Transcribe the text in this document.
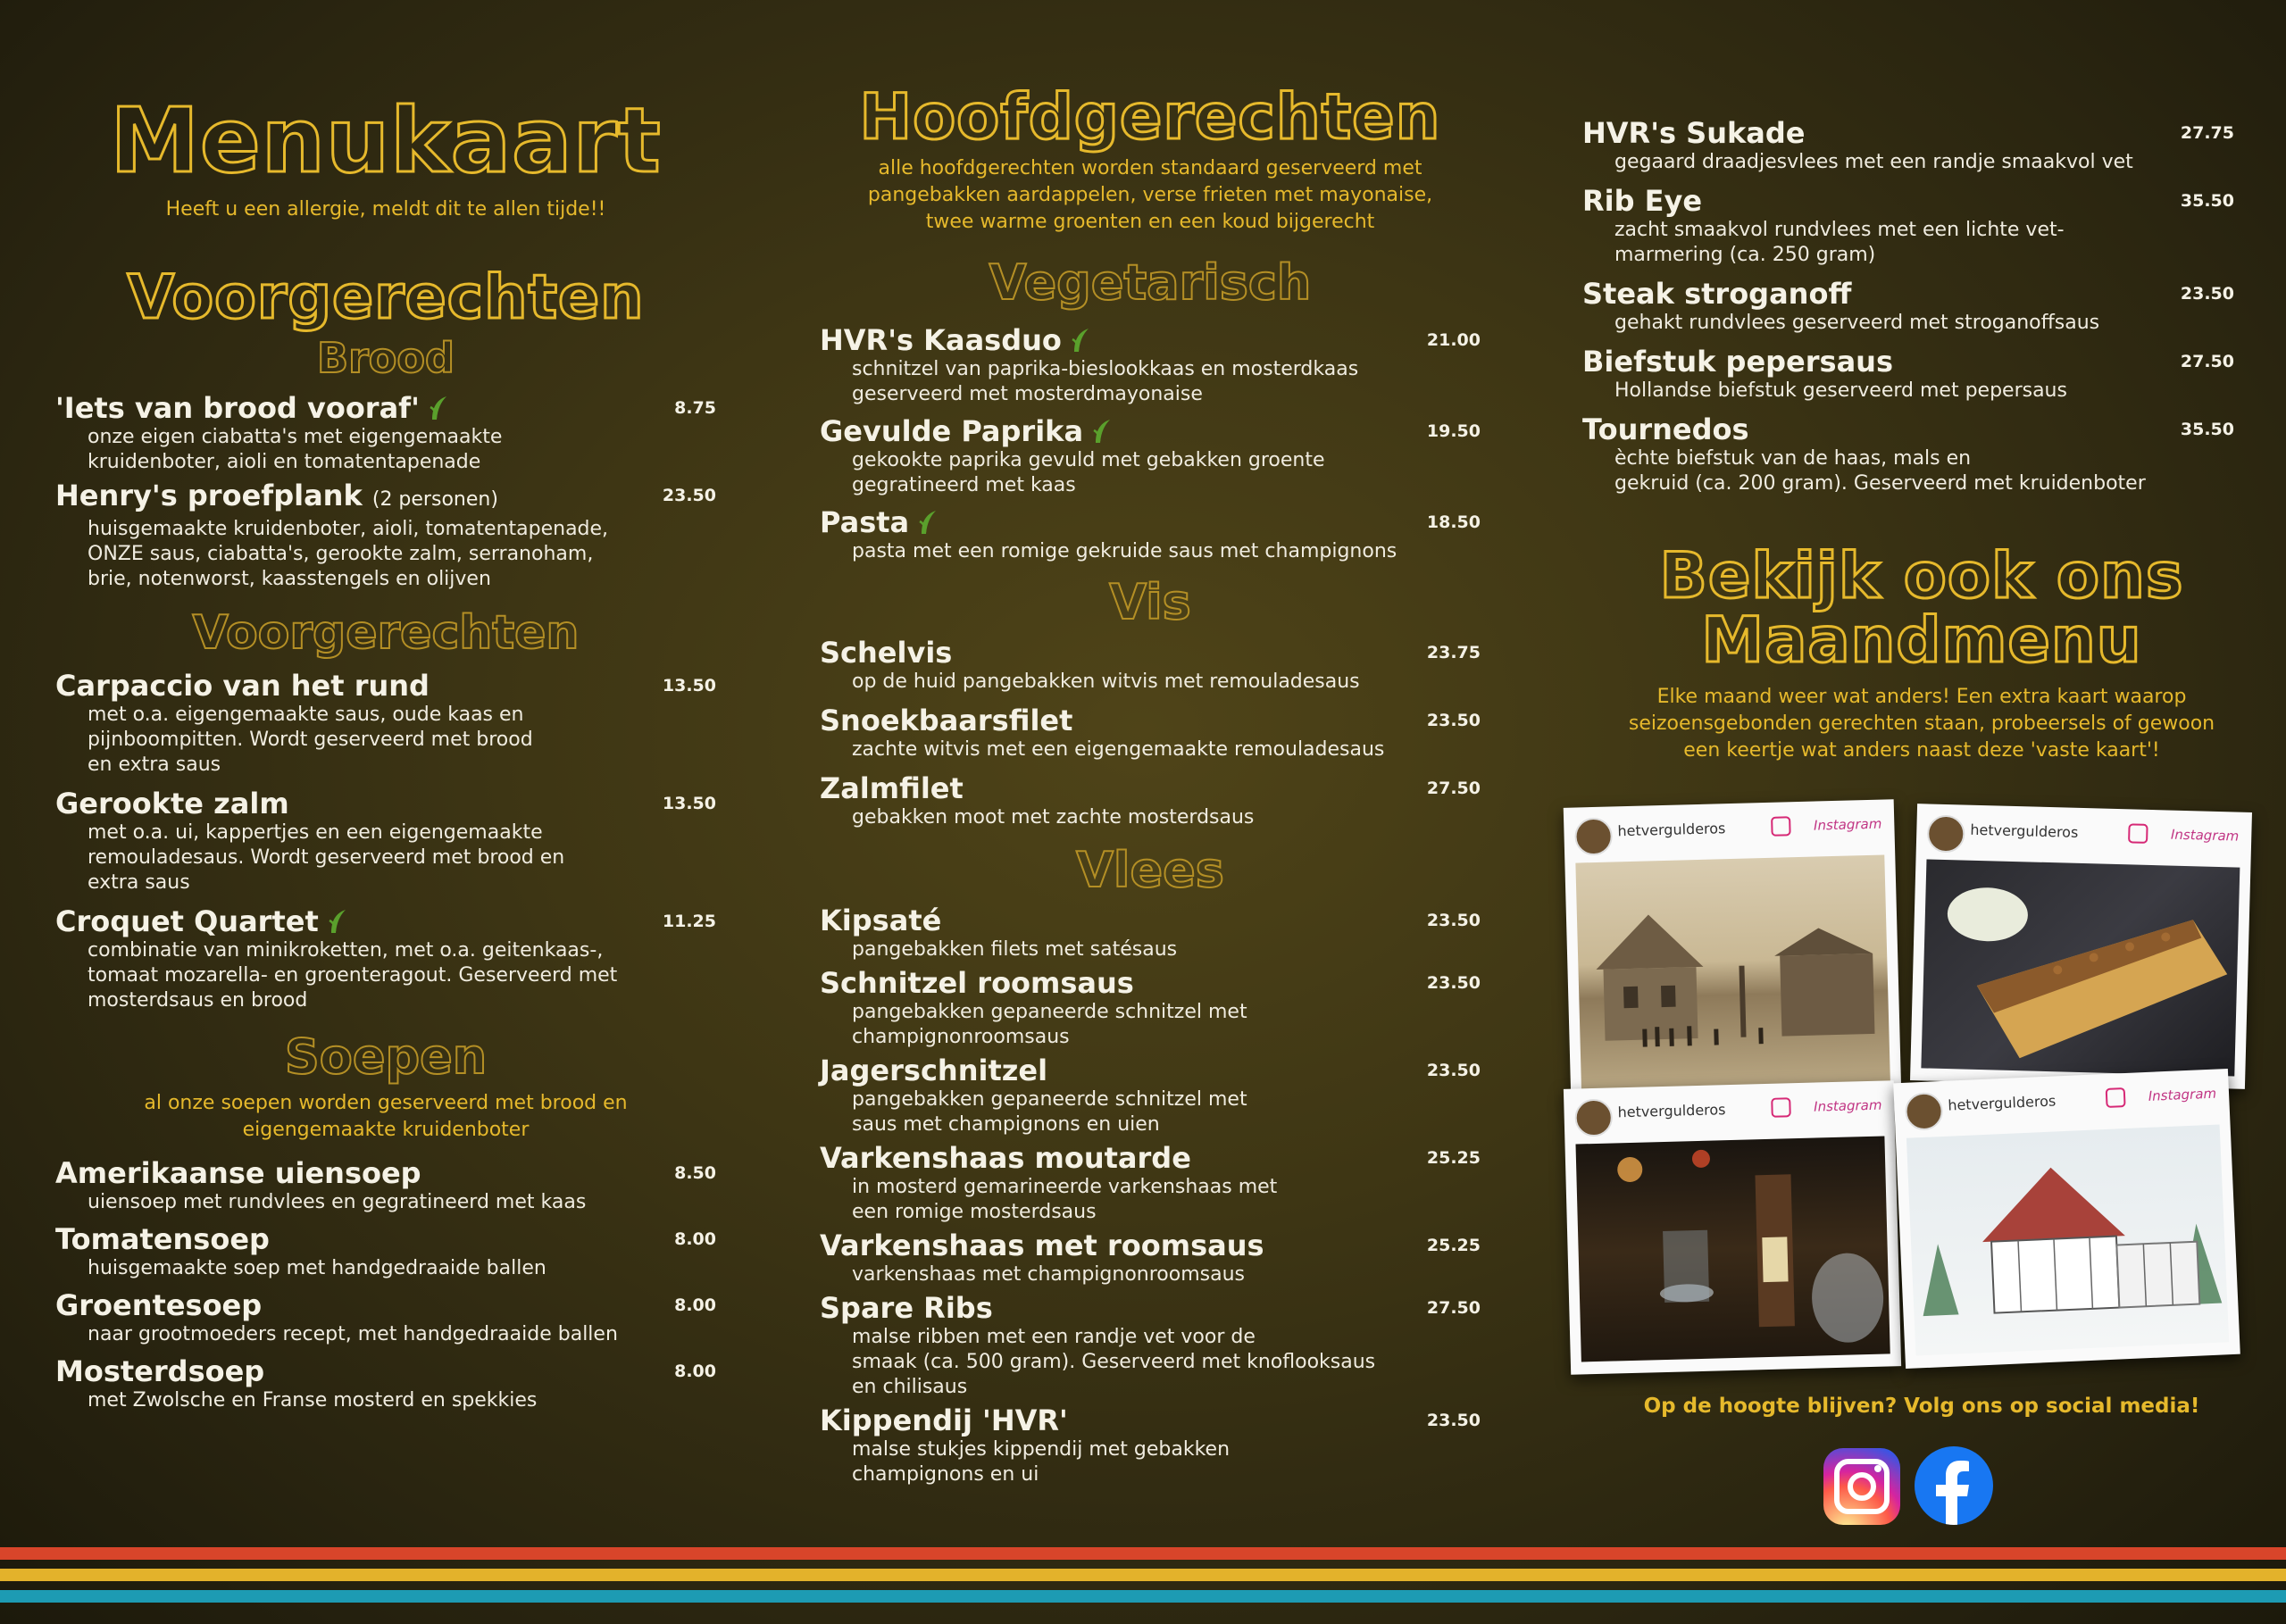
Menukaart

Heeft u een allergie, meldt dit te allen tijde!!

Voorgerechten
Brood
'Iets van brood vooraf'	8.75
onze eigen ciabatta's met eigengemaakte
kruidenboter, aioli en tomatentapenade
Henry's proefplank (2 personen)	23.50
huisgemaakte kruidenboter, aioli, tomatentapenade,
ONZE saus, ciabatta's, gerookte zalm, serranoham,
brie, notenworst, kaasstengels en olijven
Voorgerechten
Carpaccio van het rund	13.50
met o.a. eigengemaakte saus, oude kaas en
pijnboompitten. Wordt geserveerd met brood
en extra saus
Gerookte zalm	13.50
met o.a. ui, kappertjes en een eigengemaakte
remouladesaus. Wordt geserveerd met brood en
extra saus
Croquet Quartet	11.25
combinatie van minikroketten, met o.a. geitenkaas-,
tomaat mozarella- en groenteragout. Geserveerd met
mosterdsaus en brood
Soepen

al onze soepen worden geserveerd met brood en
eigengemaakte kruidenboter

Amerikaanse uiensoep	8.50
uiensoep met rundvlees en gegratineerd met kaas
Tomatensoep	8.00
huisgemaakte soep met handgedraaide ballen
Groentesoep	8.00
naar grootmoeders recept, met handgedraaide ballen
Mosterdsoep	8.00
met Zwolsche en Franse mosterd en spekkies
Hoofdgerechten

alle hoofdgerechten worden standaard geserveerd met
pangebakken aardappelen, verse frieten met mayonaise,
twee warme groenten en een koud bijgerecht

Vegetarisch
HVR's Kaasduo	21.00
schnitzel van paprika-bieslookkaas en mosterdkaas
geserveerd met mosterdmayonaise
Gevulde Paprika	19.50
gekookte paprika gevuld met gebakken groente
gegratineerd met kaas
Pasta	18.50
pasta met een romige gekruide saus met champignons
Vis
Schelvis	23.75
op de huid pangebakken witvis met remouladesaus
Snoekbaarsfilet	23.50
zachte witvis met een eigengemaakte remouladesaus
Zalmfilet	27.50
gebakken moot met zachte mosterdsaus
Vlees
Kipsaté	23.50
pangebakken filets met satésaus
Schnitzel roomsaus	23.50
pangebakken gepaneerde schnitzel met
champignonroomsaus
Jagerschnitzel	23.50
pangebakken gepaneerde schnitzel met
saus met champignons en uien
Varkenshaas moutarde	25.25
in mosterd gemarineerde varkenshaas met
een romige mosterdsaus
Varkenshaas met roomsaus	25.25
varkenshaas met champignonroomsaus
Spare Ribs	27.50
malse ribben met een randje vet voor de
smaak (ca. 500 gram). Geserveerd met knoflooksaus
en chilisaus
Kippendij 'HVR'	23.50
malse stukjes kippendij met gebakken
champignons en ui
HVR's Sukade	27.75
gegaard draadjesvlees met een randje smaakvol vet
Rib Eye	35.50
zacht smaakvol rundvlees met een lichte vet-
marmering (ca. 250 gram)
Steak stroganoff	23.50
gehakt rundvlees geserveerd met stroganoffsaus
Biefstuk pepersaus	27.50
Hollandse biefstuk geserveerd met pepersaus
Tournedos	35.50
èchte biefstuk van de haas, mals en
gekruid (ca. 200 gram). Geserveerd met kruidenboter
Bekijk ook ons
Maandmenu

Elke maand weer wat anders! Een extra kaart waarop
seizoensgebonden gerechten staan, probeersels of gewoon
een keertje wat anders naast deze 'vaste kaart'!

hetvergulderos	Instagram	hetvergulderos	Instagram
hetvergulderos	Instagram	hetvergulderos	Instagram

Op de hoogte blijven? Volg ons op social media!
